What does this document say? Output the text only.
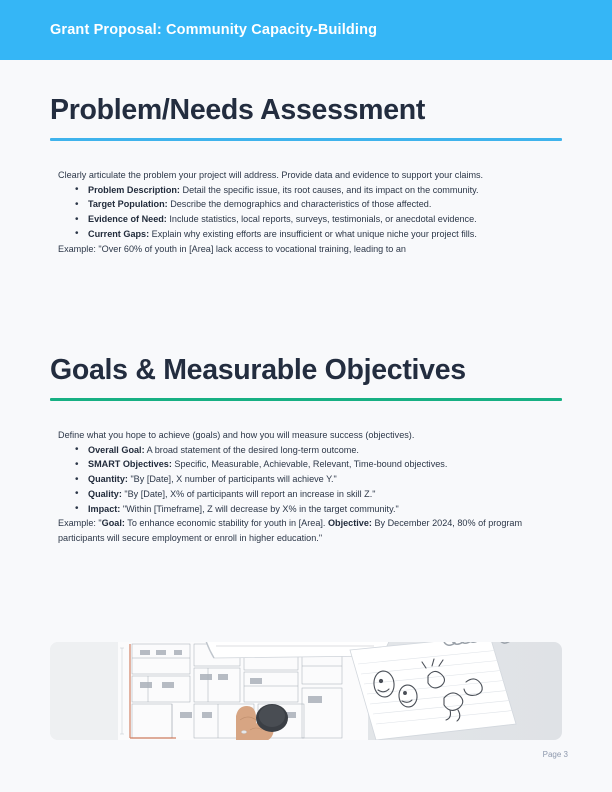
Grant Proposal: Community Capacity-Building
Problem/Needs Assessment

Clearly articulate the problem your project will address. Provide data and evidence to support your claims.

• Problem Description: Detail the specific issue, its root causes, and its impact on the community.
• Target Population: Describe the demographics and characteristics of those affected.
• Evidence of Need: Include statistics, local reports, surveys, testimonials, or anecdotal evidence.
• Current Gaps: Explain why existing efforts are insufficient or what unique niche your project fills.

Example: "Over 60% of youth in [Area] lack access to vocational training, leading to an

Goals & Measurable Objectives

Define what you hope to achieve (goals) and how you will measure success (objectives).

• Overall Goal: A broad statement of the desired long-term outcome.
• SMART Objectives: Specific, Measurable, Achievable, Relevant, Time-bound objectives.
• Quantity: "By [Date], X number of participants will achieve Y."
• Quality: "By [Date], X% of participants will report an increase in skill Z."
• Impact: "Within [Timeframe], Z will decrease by X% in the target community."

Example: "Goal: To enhance economic stability for youth in [Area]. Objective: By December 2024, 80% of program participants will secure employment or enroll in higher education."

Page 3
